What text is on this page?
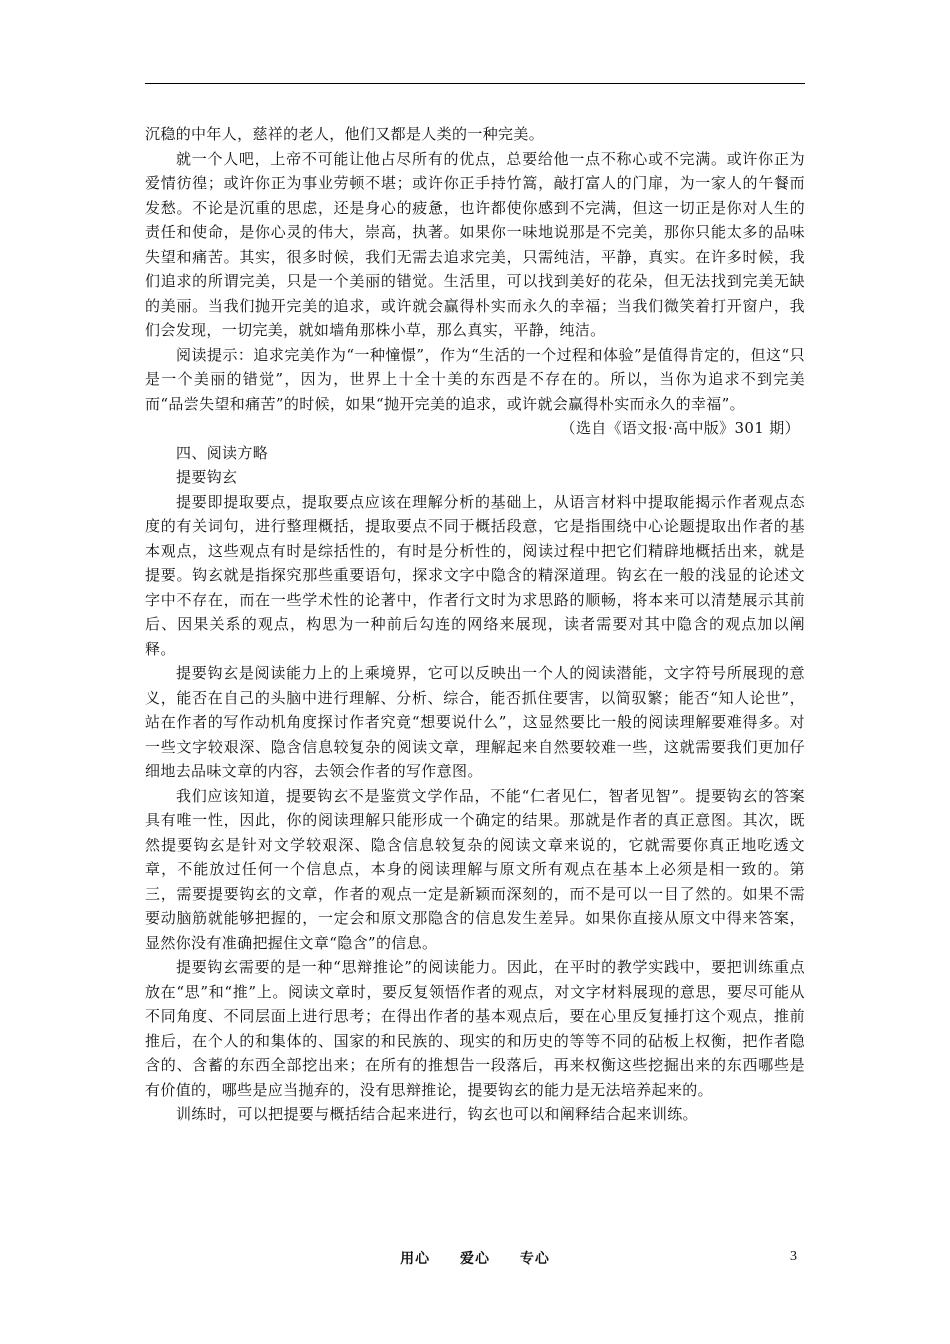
沉稳的中年人，慈祥的老人，他们又都是人类的一种完美。

就一个人吧，上帝不可能让他占尽所有的优点，总要给他一点不称心或不完满。或许你正为爱情彷徨；或许你正为事业劳顿不堪；或许你正手持竹篙，敲打富人的门扉，为一家人的午餐而发愁。不论是沉重的思虑，还是身心的疲惫，也许都使你感到不完满，但这一切正是你对人生的责任和使命，是你心灵的伟大，崇高，执著。如果你一味地说那是不完美，那你只能太多的品味失望和痛苦。其实，很多时候，我们无需去追求完美，只需纯洁，平静，真实。在许多时候，我们追求的所谓完美，只是一个美丽的错觉。生活里，可以找到美好的花朵，但无法找到完美无缺的美丽。当我们抛开完美的追求，或许就会赢得朴实而永久的幸福；当我们微笑着打开窗户，我们会发现，一切完美，就如墙角那株小草，那么真实，平静，纯洁。

阅读提示：追求完美作为“一种憧憬”，作为“生活的一个过程和体验”是值得肯定的，但这“只是一个美丽的错觉”，因为，世界上十全十美的东西是不存在的。所以，当你为追求不到完美而“品尝失望和痛苦”的时候，如果“抛开完美的追求，或许就会赢得朴实而永久的幸福”。

（选自《语文报·高中版》301 期）

四、阅读方略

提要钩玄

提要即提取要点，提取要点应该在理解分析的基础上，从语言材料中提取能揭示作者观点态度的有关词句，进行整理概括，提取要点不同于概括段意，它是指围绕中心论题提取出作者的基本观点，这些观点有时是综括性的，有时是分析性的，阅读过程中把它们精辟地概括出来，就是提要。钩玄就是指探究那些重要语句，探求文字中隐含的精深道理。钩玄在一般的浅显的论述文字中不存在，而在一些学术性的论著中，作者行文时为求思路的顺畅，将本来可以清楚展示其前后、因果关系的观点，构思为一种前后勾连的网络来展现，读者需要对其中隐含的观点加以阐释。

提要钩玄是阅读能力上的上乘境界，它可以反映出一个人的阅读潜能，文字符号所展现的意义，能否在自己的头脑中进行理解、分析、综合，能否抓住要害，以简驭繁；能否“知人论世”，站在作者的写作动机角度探讨作者究竟“想要说什么”，这显然要比一般的阅读理解要难得多。对一些文字较艰深、隐含信息较复杂的阅读文章，理解起来自然要较难一些，这就需要我们更加仔细地去品味文章的内容，去领会作者的写作意图。

我们应该知道，提要钩玄不是鉴赏文学作品，不能“仁者见仁，智者见智”。提要钩玄的答案具有唯一性，因此，你的阅读理解只能形成一个确定的结果。那就是作者的真正意图。其次，既然提要钩玄是针对文学较艰深、隐含信息较复杂的阅读文章来说的，它就需要你真正地吃透文章，不能放过任何一个信息点，本身的阅读理解与原文所有观点在基本上必须是相一致的。第三，需要提要钩玄的文章，作者的观点一定是新颖而深刻的，而不是可以一目了然的。如果不需要动脑筋就能够把握的，一定会和原文那隐含的信息发生差异。如果你直接从原文中得来答案，显然你没有准确把握住文章“隐含”的信息。

提要钩玄需要的是一种“思辩推论”的阅读能力。因此，在平时的教学实践中，要把训练重点放在“思”和“推”上。阅读文章时，要反复领悟作者的观点，对文字材料展现的意思，要尽可能从不同角度、不同层面上进行思考；在得出作者的基本观点后，要在心里反复捶打这个观点，推前推后，在个人的和集体的、国家的和民族的、现实的和历史的等等不同的砧板上权衡，把作者隐含的、含蓄的东西全部挖出来；在所有的推想告一段落后，再来权衡这些挖掘出来的东西哪些是有价值的，哪些是应当抛弃的，没有思辩推论，提要钩玄的能力是无法培养起来的。

训练时，可以把提要与概括结合起来进行，钩玄也可以和阐释结合起来训练。

用心 爱心 专心	3
